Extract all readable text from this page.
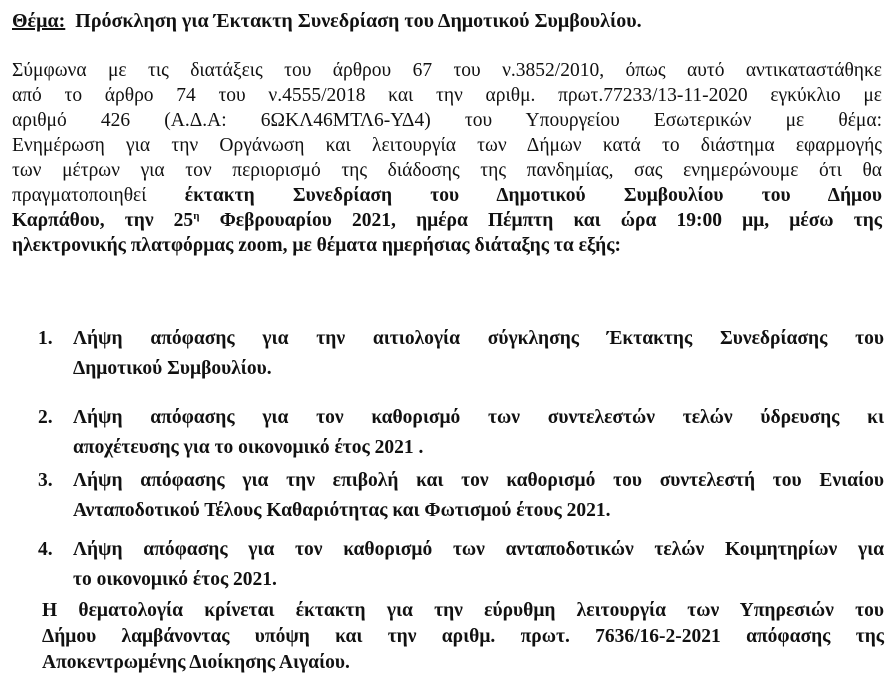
Θέμα: Πρόσκληση για Έκτακτη Συνεδρίαση του Δημοτικού Συμβουλίου.
Σύμφωνα με τις διατάξεις του άρθρου 67 του ν.3852/2010, όπως αυτό αντικαταστάθηκε
από το άρθρο 74 του ν.4555/2018 και την αριθμ. πρωτ.77233/13-11-2020 εγκύκλιο με
αριθμό 426 (Α.Δ.Α: 6ΩΚΛ46ΜΤΛ6-ΥΔ4) του Υπουργείου Εσωτερικών με θέμα:
Ενημέρωση για την Οργάνωση και λειτουργία των Δήμων κατά το διάστημα εφαρμογής
των μέτρων για τον περιορισμό της διάδοσης της πανδημίας, σας ενημερώνουμε ότι θα
πραγματοποιηθεί έκτακτη Συνεδρίαση του Δημοτικού Συμβουλίου του Δήμου
Καρπάθου, την $25^\eta$ Φεβρουαρίου 2021, ημέρα Πέμπτη και ώρα 19:00 μμ, μέσω της
ηλεκτρονικής πλατφόρμας zoom, με θέματα ημερήσιας διάταξης τα εξής:
1. Λήψη απόφασης για την αιτιολογία σύγκλησης Έκτακτης Συνεδρίασης του
Δημοτικού Συμβουλίου.
2. Λήψη απόφασης για τον καθορισμό των συντελεστών τελών ύδρευσης κι
αποχέτευσης για το οικονομικό έτος 2021 .
3. Λήψη απόφασης για την επιβολή και τον καθορισμό του συντελεστή του Ενιαίου
Ανταποδοτικού Τέλους Καθαριότητας και Φωτισμού έτους 2021.
4. Λήψη απόφασης για τον καθορισμό των ανταποδοτικών τελών Κοιμητηρίων για
το οικονομικό έτος 2021.
Η θεματολογία κρίνεται έκτακτη για την εύρυθμη λειτουργία των Υπηρεσιών του
Δήμου λαμβάνοντας υπόψη και την αριθμ. πρωτ. 7636/16-2-2021 απόφασης της
Αποκεντρωμένης Διοίκησης Αιγαίου.
